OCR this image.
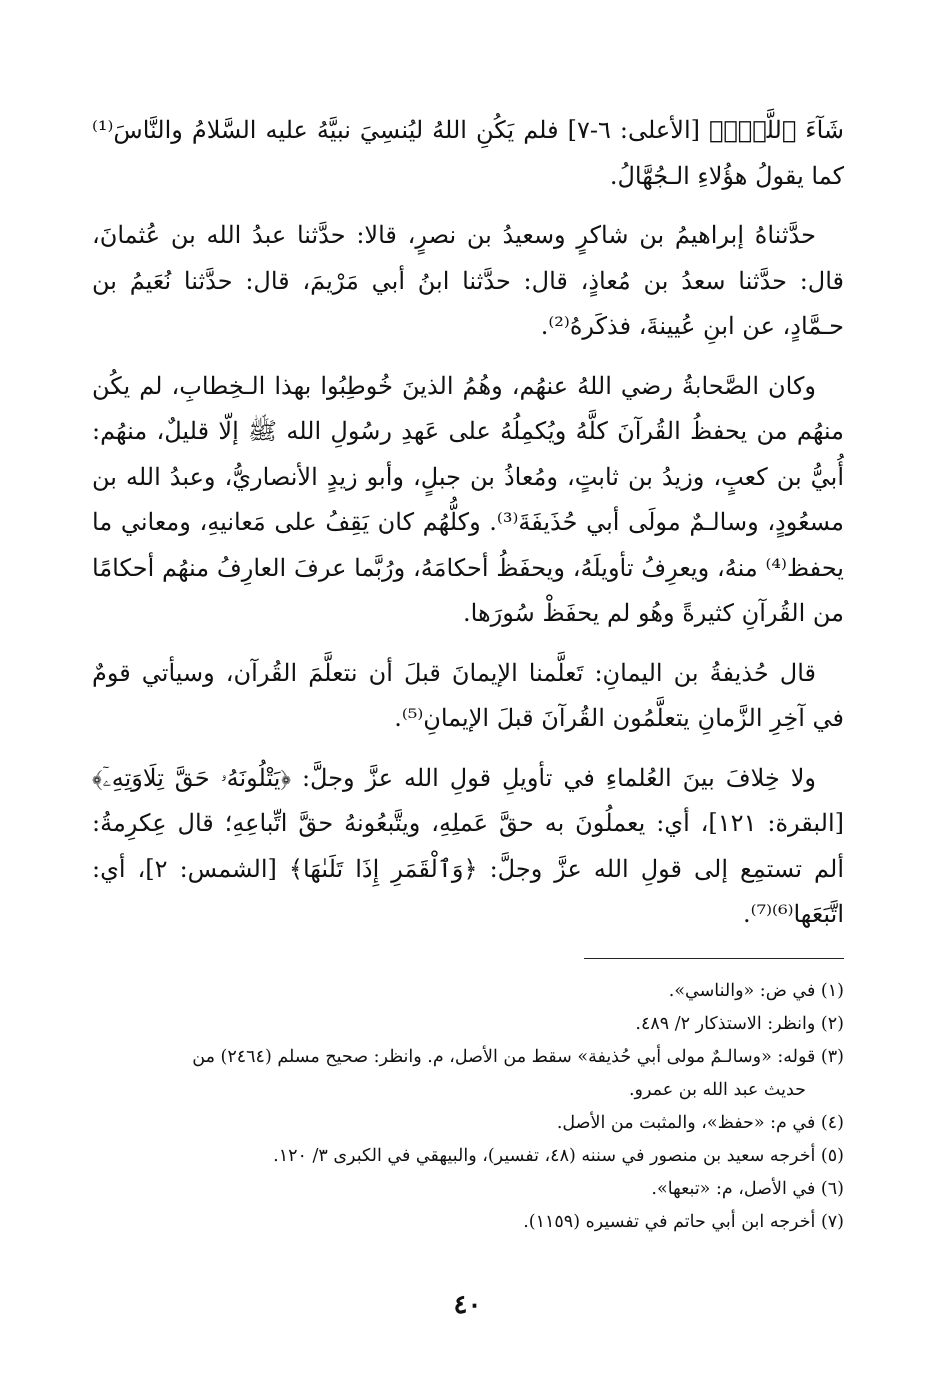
شَآءَ ٱللَّهُۚ﴾ [الأعلى: ٦-٧] فلم يَكُنِ اللهُ ليُنسِيَ نبيَّهُ عليه السَّلامُ والنَّاسَ⁽¹⁾ كما يقولُ هؤُلاءِ الـجُهَّالُ.

حدَّثناهُ إبراهيمُ بن شاكرٍ وسعيدُ بن نصرٍ، قالا: حدَّثنا عبدُ الله بن عُثمانَ، قال: حدَّثنا سعدُ بن مُعاذٍ، قال: حدَّثنا ابنُ أبي مَرْيمَ، قال: حدَّثنا نُعَيمُ بن حـمَّادٍ، عن ابنِ عُيينةَ، فذكَرهُ⁽²⁾.

وكان الصَّحابةُ رضي اللهُ عنهُم، وهُمُ الذينَ خُوطِبُوا بهذا الـخِطابِ، لم يكُن منهُم من يحفظُ القُرآنَ كلَّهُ ويُكمِلُهُ على عَهدِ رسُولِ الله ﷺ إلّا قليلٌ، منهُم: أُبيُّ بن كعبٍ، وزيدُ بن ثابتٍ، ومُعاذُ بن جبلٍ، وأبو زيدٍ الأنصاريُّ، وعبدُ الله بن مسعُودٍ، وسالـمٌ مولَى أبي حُذَيفَةَ⁽³⁾. وكلُّهُم كان يَقِفُ على مَعانيهِ، ومعاني ما يحفظ⁽⁴⁾ منهُ، ويعرِفُ تأويلَهُ، ويحفَظُ أحكامَهُ، ورُبَّما عرفَ العارِفُ منهُم أحكامًا من القُرآنِ كثيرةً وهُو لم يحفَظْ سُورَها.

قال حُذيفةُ بن اليمانِ: تَعلَّمنا الإيمانَ قبلَ أن نتعلَّمَ القُرآن، وسيأتي قومٌ في آخِرِ الزَّمانِ يتعلَّمُون القُرآنَ قبلَ الإيمانِ⁽⁵⁾.

ولا خِلافَ بينَ العُلماءِ في تأويلِ قولِ الله عزَّ وجلَّ: ﴿يَتْلُونَهُۥ حَقَّ تِلَاوَتِهِۦٓ﴾ [البقرة: ١٢١]، أي: يعملُونَ به حقَّ عَملِهِ، ويتَّبعُونهُ حقَّ اتِّباعِهِ؛ قال عِكرِمةُ: ألم تستمِع إلى قولِ الله عزَّ وجلَّ: ﴿وَٱلْقَمَرِ إِذَا تَلَىٰهَا﴾ [الشمس: ٢]، أي: اتَّبَعَها⁽⁶⁾⁽⁷⁾.

(١) في ض: «والناسي».

(٢) وانظر: الاستذكار ٢/ ٤٨٩.

(٣) قوله: «وسالـمٌ مولى أبي حُذيفة» سقط من الأصل، م. وانظر: صحيح مسلم (٢٤٦٤) من
حديث عبد الله بن عمرو.

(٤) في م: «حفظ»، والمثبت من الأصل.

(٥) أخرجه سعيد بن منصور في سننه (٤٨، تفسير)، والبيهقي في الكبرى ٣/ ١٢٠.

(٦) في الأصل، م: «تبعها».

(٧) أخرجه ابن أبي حاتم في تفسيره (١١٥٩).

٤٠
